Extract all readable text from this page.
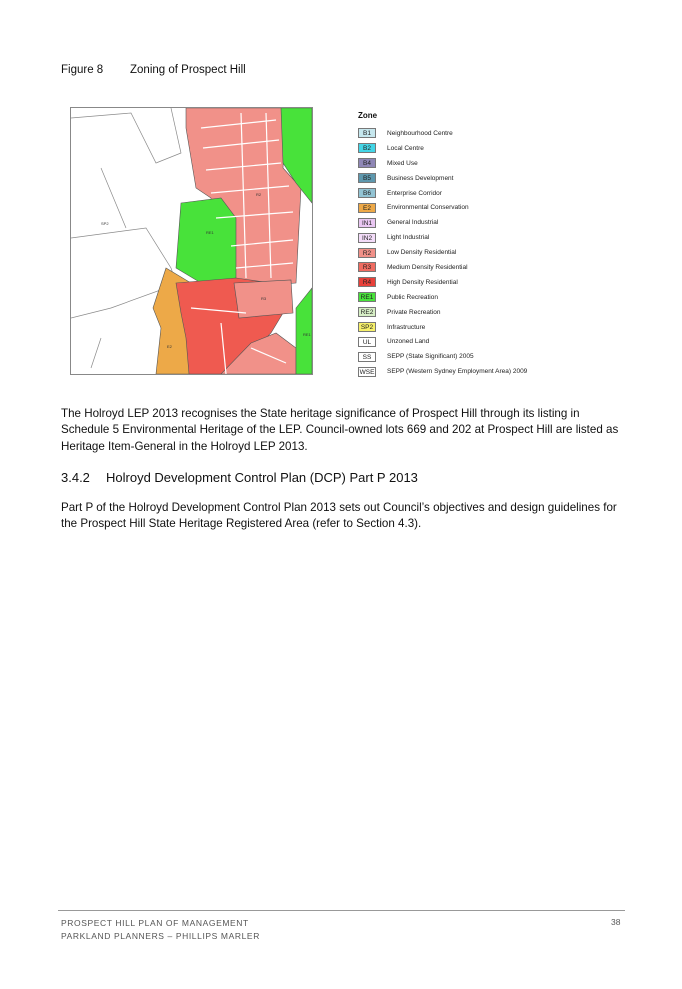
Figure 8 Zoning of Prospect Hill
R2
R3
RE1
E2
SP2
RE1
Zone
B1	Neighbourhood Centre
B2	Local Centre
B4	Mixed Use
B5	Business Development
B6	Enterprise Corridor
E2	Environmental Conservation
IN1	General Industrial
IN2	Light Industrial
R2	Low Density Residential
R3	Medium Density Residential
R4	High Density Residential
RE1	Public Recreation
RE2	Private Recreation
SP2	Infrastructure
UL	Unzoned Land
SS	SEPP (State Significant) 2005
WSE SEPP (Western Sydney Employment Area) 2009
The Holroyd LEP 2013 recognises the State heritage significance of Prospect Hill through its listing in Schedule 5 Environmental Heritage of the LEP. Council-owned lots 669 and 202 at Prospect Hill are listed as Heritage Item-General in the Holroyd LEP 2013.
3.4.2 Holroyd Development Control Plan (DCP) Part P 2013
Part P of the Holroyd Development Control Plan 2013 sets out Council’s objectives and design guidelines for the Prospect Hill State Heritage Registered Area (refer to Section 4.3).
PROSPECT HILL PLAN OF MANAGEMENT
PARKLAND PLANNERS – PHILLIPS MARLER
38
